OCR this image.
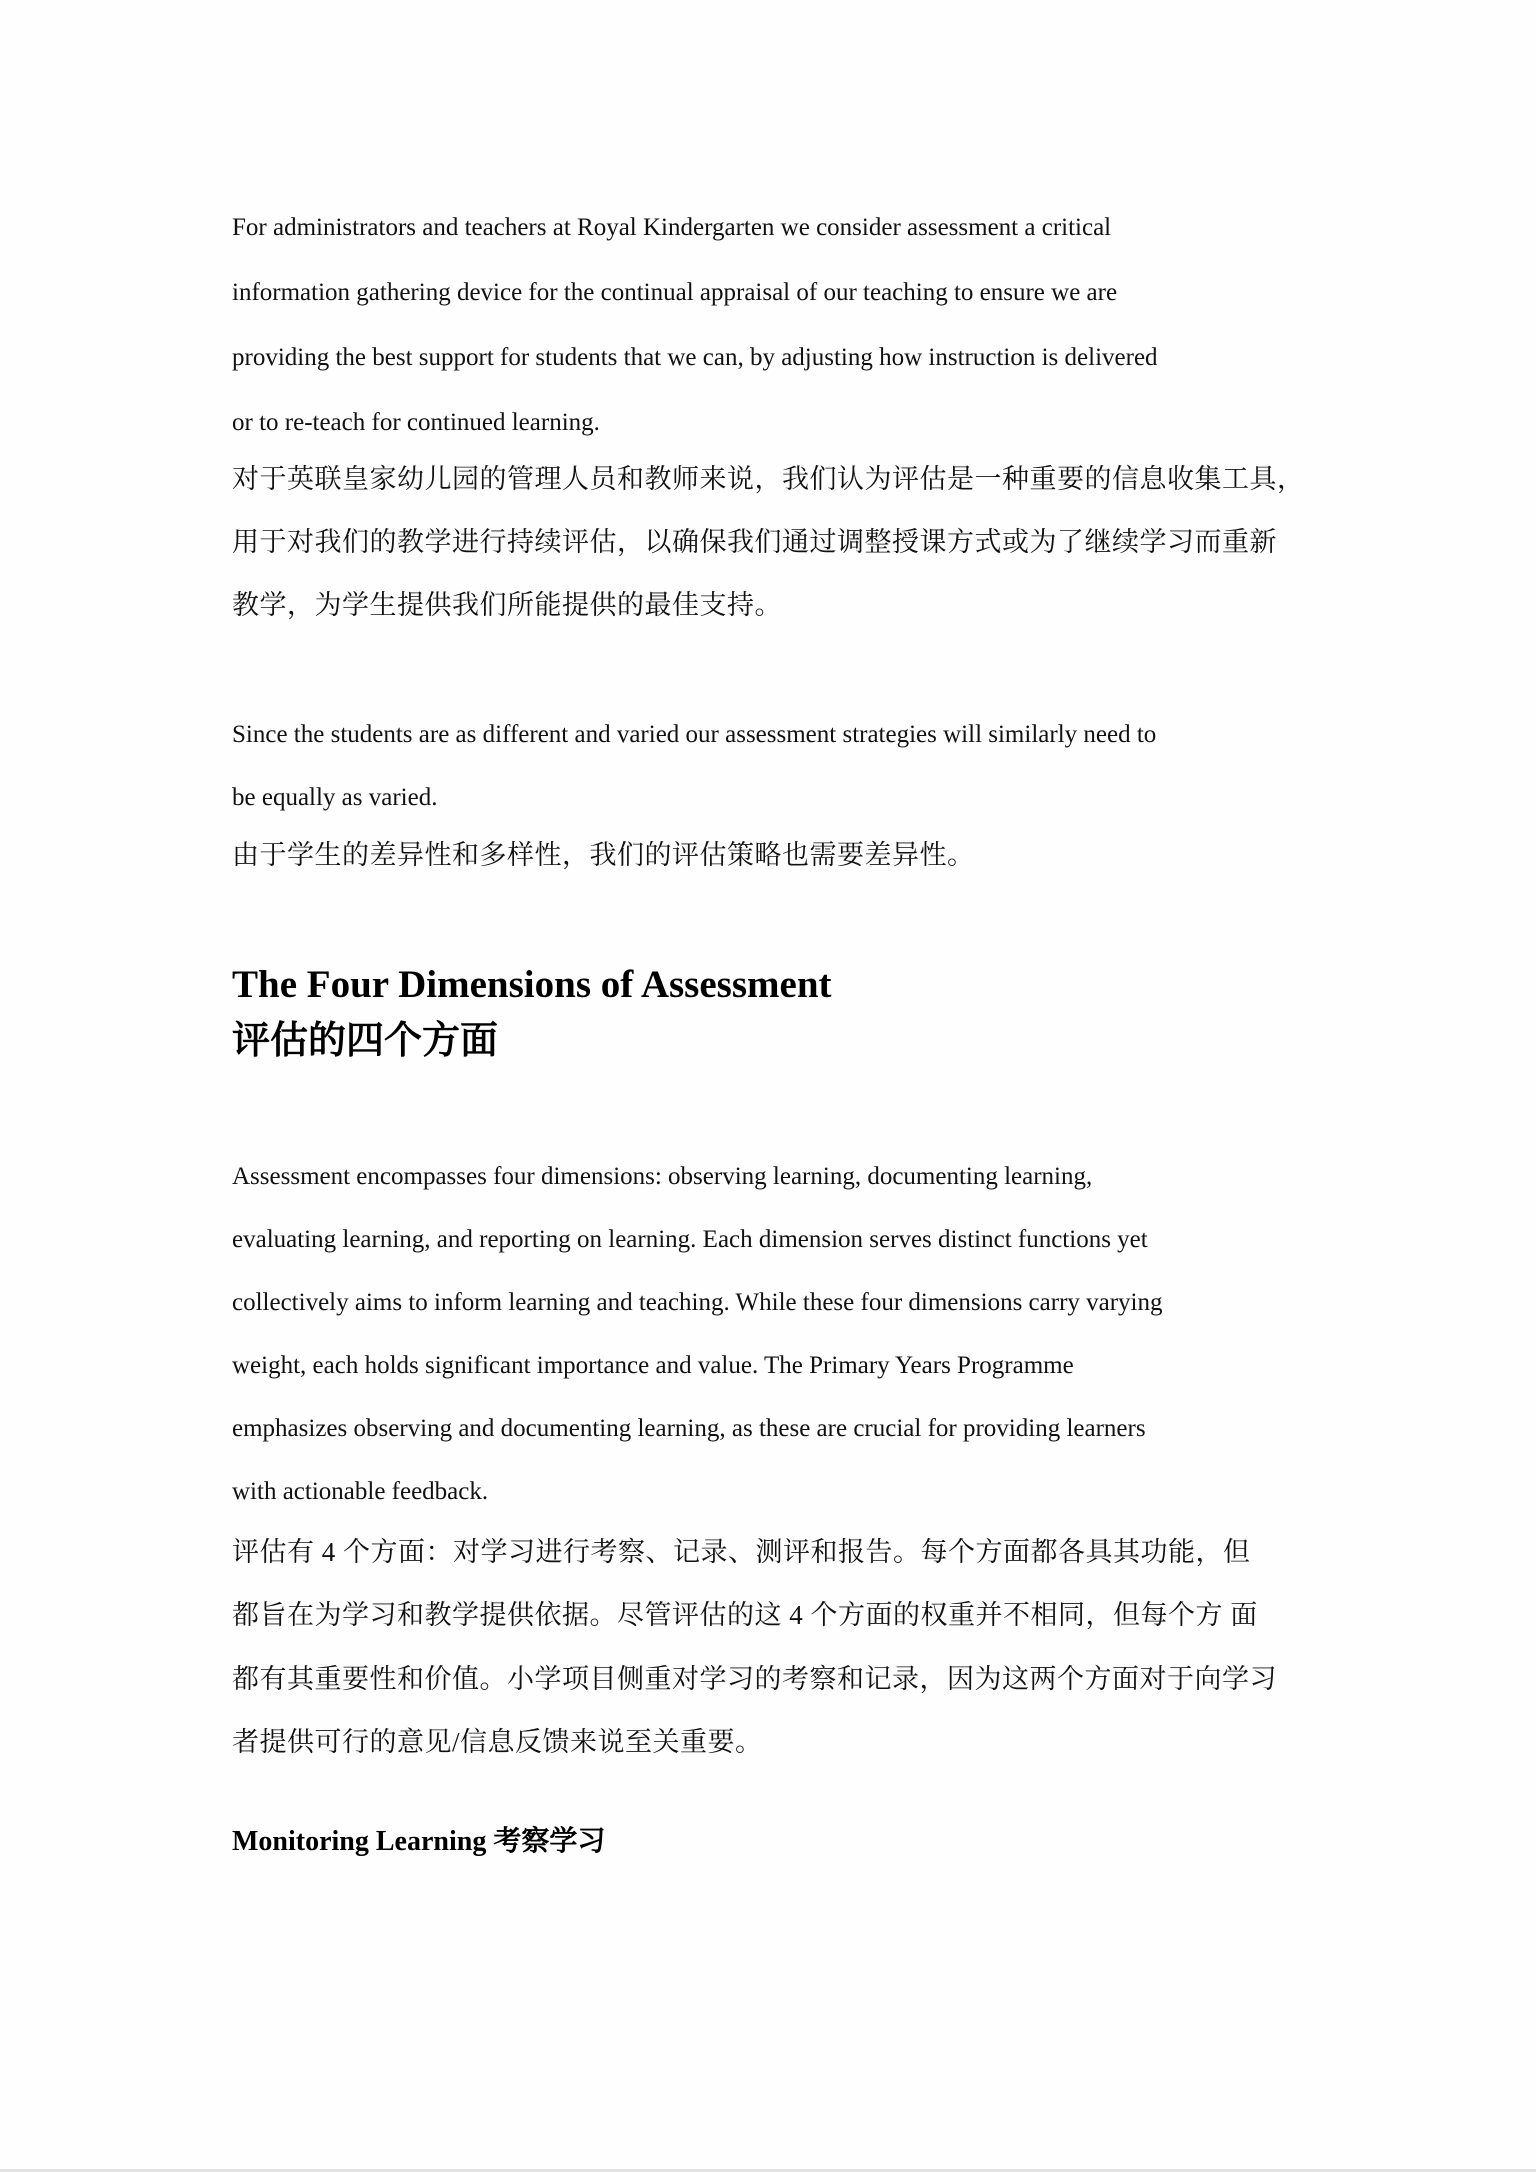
For administrators and teachers at Royal Kindergarten we consider assessment a critical
information gathering device for the continual appraisal of our teaching to ensure we are
providing the best support for students that we can, by adjusting how instruction is delivered
or to re-teach for continued learning.
对于英联皇家幼儿园的管理人员和教师来说，我们认为评估是一种重要的信息收集工具，
用于对我们的教学进行持续评估，以确保我们通过调整授课方式或为了继续学习而重新
教学，为学生提供我们所能提供的最佳支持。
Since the students are as different and varied our assessment strategies will similarly need to
be equally as varied.
由于学生的差异性和多样性，我们的评估策略也需要差异性。
The Four Dimensions of Assessment
评估的四个方面
Assessment encompasses four dimensions: observing learning, documenting learning,
evaluating learning, and reporting on learning. Each dimension serves distinct functions yet
collectively aims to inform learning and teaching. While these four dimensions carry varying
weight, each holds significant importance and value. The Primary Years Programme
emphasizes observing and documenting learning, as these are crucial for providing learners
with actionable feedback.
评估有 4 个方面：对学习进行考察、记录、测评和报告。每个方面都各具其功能，但
都旨在为学习和教学提供依据。尽管评估的这 4 个方面的权重并不相同，但每个方 面
都有其重要性和价值。小学项目侧重对学习的考察和记录，因为这两个方面对于向学习
者提供可行的意见/信息反馈来说至关重要。
Monitoring Learning 考察学习
